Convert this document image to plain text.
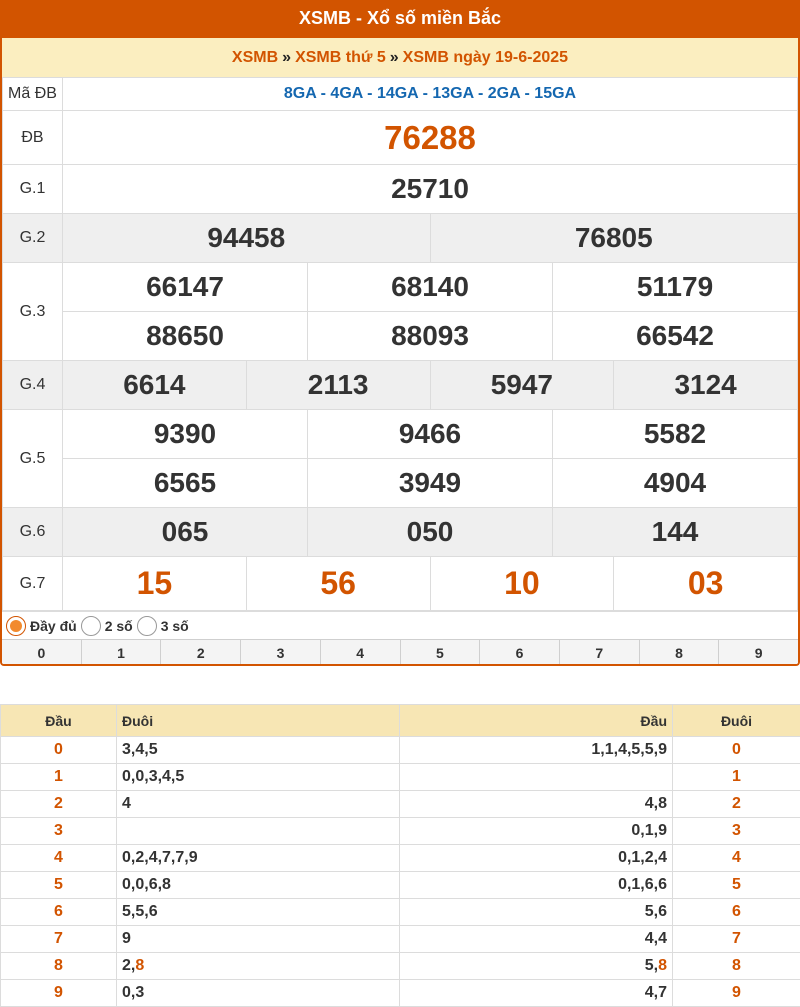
XSMB - Xổ số miền Bắc
XSMB » XSMB thứ 5 » XSMB ngày 19-6-2025
Mã ĐB	8GA - 4GA - 14GA - 13GA - 2GA - 15GA
ĐB	76288
G.1	25710
G.2	94458 76805

G.3	66147 68140 51179

	88650 88093 66542

G.4	6614 2113 5947 3124

G.5	9390 9466 5582

	6565 3949 4904

G.6	065 050 144

G.7	15 56 10 03
Đầy đủ 2 số 3 số
0	1	2	3	4	5	6	7	8	9
Đầu	Đuôi	Đầu	Đuôi
0	3,4,5	1,1,4,5,5,9	0
1	0,0,3,4,5		1
2	4	4,8	2
3		0,1,9	3
4	0,2,4,7,7,9	0,1,2,4	4
5	0,0,6,8	0,1,6,6	5
6	5,5,6	5,6	6
7	9	4,4	7
8	2,8	5,8	8
9	0,3	4,7	9
